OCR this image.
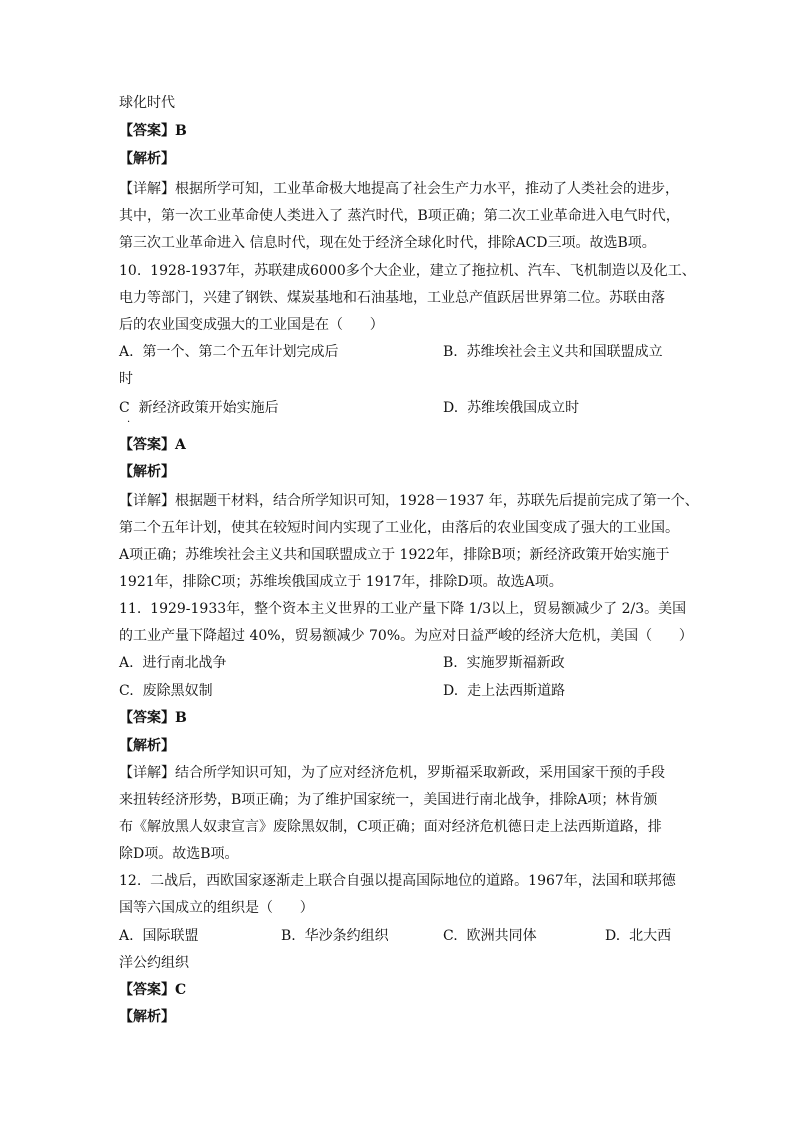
球化时代
【答案】B
【解析】
【详解】根据所学可知，工业革命极大地提高了社会生产力水平，推动了人类社会的进步，
其中，第一次工业革命使人类进入了 蒸汽时代，B项正确；第二次工业革命进入电气时代，
第三次工业革命进入 信息时代，现在处于经济全球化时代，排除ACD三项。故选B项。
10.  1928-1937年，苏联建成6000多个大企业，建立了拖拉机、汽车、飞机制造以及化工、
电力等部门，兴建了钢铁、煤炭基地和石油基地，工业总产值跃居世界第二位。苏联由落
后的农业国变成强大的工业国是在（      ）
A.  第一个、第二个五年计划完成后	B.  苏维埃社会主义共和国联盟成立
时
C  新经济政策开始实施后
·
D.  苏维埃俄国成立时
【答案】A
【解析】
【详解】根据题干材料，结合所学知识可知，1928－1937 年，苏联先后提前完成了第一个、
第二个五年计划，使其在较短时间内实现了工业化，由落后的农业国变成了强大的工业国。
A项正确；苏维埃社会主义共和国联盟成立于 1922年，排除B项；新经济政策开始实施于
1921年，排除C项；苏维埃俄国成立于 1917年，排除D项。故选A项。
11.  1929-1933年，整个资本主义世界的工业产量下降 1/3以上，贸易额减少了 2/3。美国
的工业产量下降超过 40%，贸易额减少 70%。为应对日益严峻的经济大危机，美国（      ）
A.  进行南北战争	B.  实施罗斯福新政
C.  废除黑奴制	D.  走上法西斯道路
【答案】B
【解析】
【详解】结合所学知识可知，为了应对经济危机，罗斯福采取新政，采用国家干预的手段
来扭转经济形势，B项正确；为了维护国家统一，美国进行南北战争，排除A项；林肯颁
布《解放黑人奴隶宣言》废除黑奴制，C项正确；面对经济危机德日走上法西斯道路，排
除D项。故选B项。
12.  二战后，西欧国家逐渐走上联合自强以提高国际地位的道路。1967年，法国和联邦德
国等六国成立的组织是（      ）
A.  国际联盟	B.  华沙条约组织	C.  欧洲共同体	D.  北大西
洋公约组织
【答案】C
【解析】
